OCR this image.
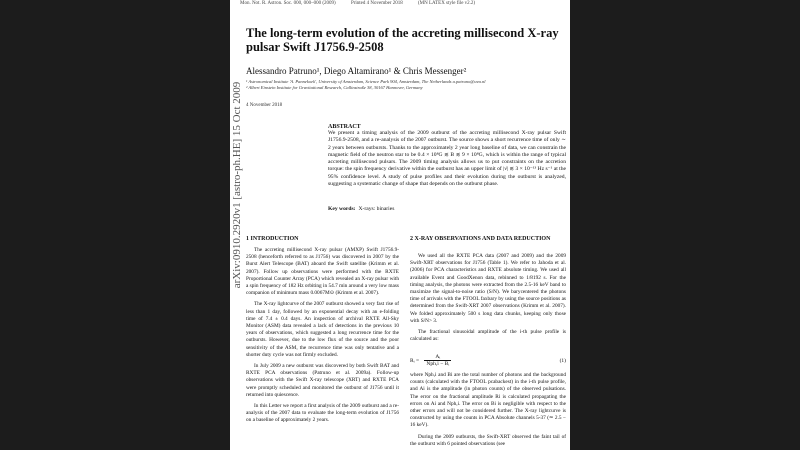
Mon. Not. R. Astron. Soc. 000, 000–000 (2009)	Printed 4 November 2018	(MN LATEX style file v2.2)
arXiv:0910.2920v1 [astro-ph.HE] 15 Oct 2009
The long-term evolution of the accreting millisecond X-ray pulsar Swift J1756.9-2508
Alessandro Patruno¹, Diego Altamirano¹ & Chris Messenger²
¹ Astronomical Institute 'A. Pannekoek', University of Amsterdam, Science Park 904, Amsterdam, The Netherlands a.patruno@uva.nl
² Albert Einstein Institute for Gravitational Research, Callinstraße 38, 30167 Hannover, Germany
4 November 2018
ABSTRACT
We present a timing analysis of the 2009 outburst of the accreting millisecond X-ray pulsar Swift J1756.9-2508, and a re-analysis of the 2007 outburst. The source shows a short recurrence time of only ∼ 2 years between outbursts. Thanks to the approximately 2 year long baseline of data, we can constrain the magnetic field of the neutron star to be 0.4 × 10⁸G ≲ B ≲ 9 × 10⁸G, which is within the range of typical accreting millisecond pulsars. The 2009 timing analysis allows us to put constraints on the accretion torque: the spin frequency derivative within the outburst has an upper limit of |ν̇| ≲ 3 × 10⁻¹³ Hz s⁻¹ at the 95% confidence level. A study of pulse profiles and their evolution during the outburst is analyzed, suggesting a systematic change of shape that depends on the outburst phase.
Key words: X-rays: binaries
1 INTRODUCTION

The accreting millisecond X-ray pulsar (AMXP) Swift J1756.9-2508 (henceforth referred to as J1756) was discovered in 2007 by the Burst Alert Telescope (BAT) aboard the Swift satellite (Krimm et al. 2007). Follow up observations were performed with the RXTE Proportional Counter Array (PCA) which revealed an X-ray pulsar with a spin frequency of 182 Hz orbiting in 54.7 min around a very low mass companion of minimum mass 0.0067M⊙ (Krimm et al. 2007).

The X-ray lightcurve of the 2007 outburst showed a very fast rise of less than 1 day, followed by an exponential decay with an e-folding time of 7.4 ± 0.4 days. An inspection of archival RXTE All-Sky Monitor (ASM) data revealed a lack of detections in the previous 10 years of observations, which suggested a long recurrence time for the outbursts. However, due to the low flux of the source and the poor sensitivity of the ASM, the recurrence time was only tentative and a shorter duty cycle was not firmly excluded.

In July 2009 a new outburst was discovered by both Swift BAT and RXTE PCA observations (Patruno et al. 2009a). Follow-up observations with the Swift X-ray telescope (XRT) and RXTE PCA were promptly scheduled and monitored the outburst of J1756 until it returned into quiescence.

In this Letter we report a first analysis of the 2009 outburst and a re-analysis of the 2007 data to evaluate the long-term evolution of J1756 on a baseline of approximately 2 years.

2 X-RAY OBSERVATIONS AND DATA REDUCTION

We used all the RXTE PCA data (2007 and 2009) and the 2009 Swift-XRT observations for J1756 (Table 1). We refer to Jahoda et al. (2006) for PCA characteristics and RXTE absolute timing. We used all available Event and GoodXenon data, rebinned to 1/8192 s. For the timing analysis, the photons were extracted from the 2.5-16 keV band to maximize the signal-to-noise ratio (S/N). We barycentered the photons time of arrivals with the FTOOL faxbary by using the source positions as determined from the Swift-XRT 2007 observations (Krimm et al. 2007). We folded approximately 500 s long data chunks, keeping only those with S/N> 3.

The fractional sinusoidal amplitude of the i-th pulse profile is calculated as:

Rᵢ = $\frac{\text{Aᵢ}}{\text{Nph,i − Bᵢ}}$	(1)

where Nph,i and Bi are the total number of photons and the background counts (calculated with the FTOOL pcabackest) in the i-th pulse profile, and Ai is the amplitude (in photon counts) of the observed pulsations. The error on the fractional amplitude Ri is calculated propagating the errors on Ai and Nph,i. The error on Bi is negligible with respect to the other errors and will not be considered further. The X-ray lightcurve is constructed by using the counts in PCA Absolute channels 5-37 (≃ 2.5 − 16 keV).

During the 2009 outbursts, the Swift-XRT observed the faint tail of the outburst with 6 pointed observations (see
